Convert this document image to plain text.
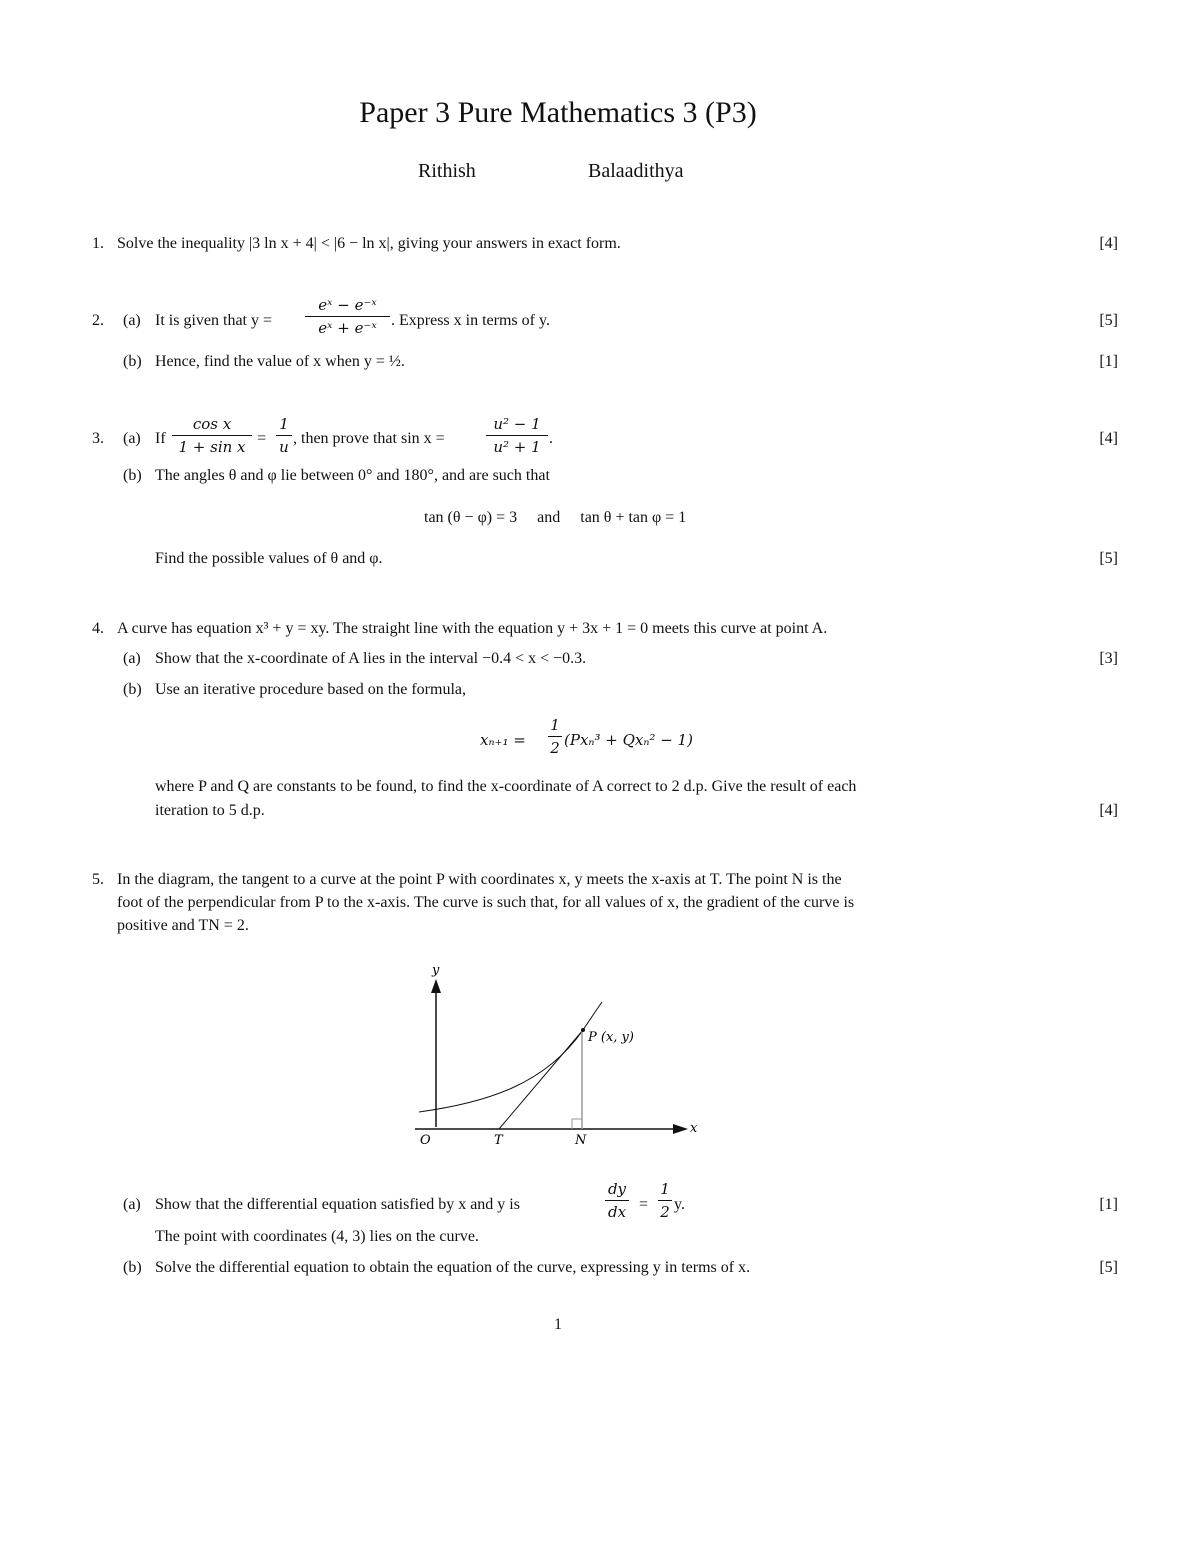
Paper 3 Pure Mathematics 3 (P3)
Rithish	Balaadithya
1. Solve the inequality |3 ln x + 4| < |6 − ln x|, giving your answers in exact form.	[4]
2. (a) It is given that $y = \frac{\text{eˣ − e⁻ˣ}}{\text{eˣ + e⁻ˣ}}$ . Express x in terms of y.	[5]
(b) Hence, find the value of x when y = ½.	[1]
3. (a) If $\frac{\text{cos x}}{\text{1 + sin x}} = \frac{1}{u}$ , then prove that sin x =	$\frac{\text{u² − 1}}{\text{u² + 1}}$ .	[4]
(b) The angles θ and φ lie between 0° and 180°, and are such that
tan (θ − φ) = 3     and     tan θ + tan φ = 1
Find the possible values of θ and φ.	[5]
4. A curve has equation x³ + y = xy. The straight line with the equation y + 3x + 1 = 0 meets this curve at point A.
(a) Show that the x-coordinate of A lies in the interval −0.4 < x < −0.3.	[3]
(b) Use an iterative procedure based on the formula,
$x_{n+1} = \frac{1}{2} (Px_n^3 + Qx_n^2 - 1)$
where P and Q are constants to be found, to find the x-coordinate of A correct to 2 d.p. Give the result of each
iteration to 5 d.p.	[4]
5. In the diagram, the tangent to a curve at the point P with coordinates x, y meets the x-axis at T. The point N is the
foot of the perpendicular from P to the x-axis. The curve is such that, for all values of x, the gradient of the curve is
positive and TN = 2.
y
x
O	T	N
P (x, y)
(a) Show that the differential equation satisfied by x and y is	$\frac{dy}{dx} = \frac{1}{2} y$.	[1]
The point with coordinates (4, 3) lies on the curve.
(b) Solve the differential equation to obtain the equation of the curve, expressing y in terms of x.	[5]
1
